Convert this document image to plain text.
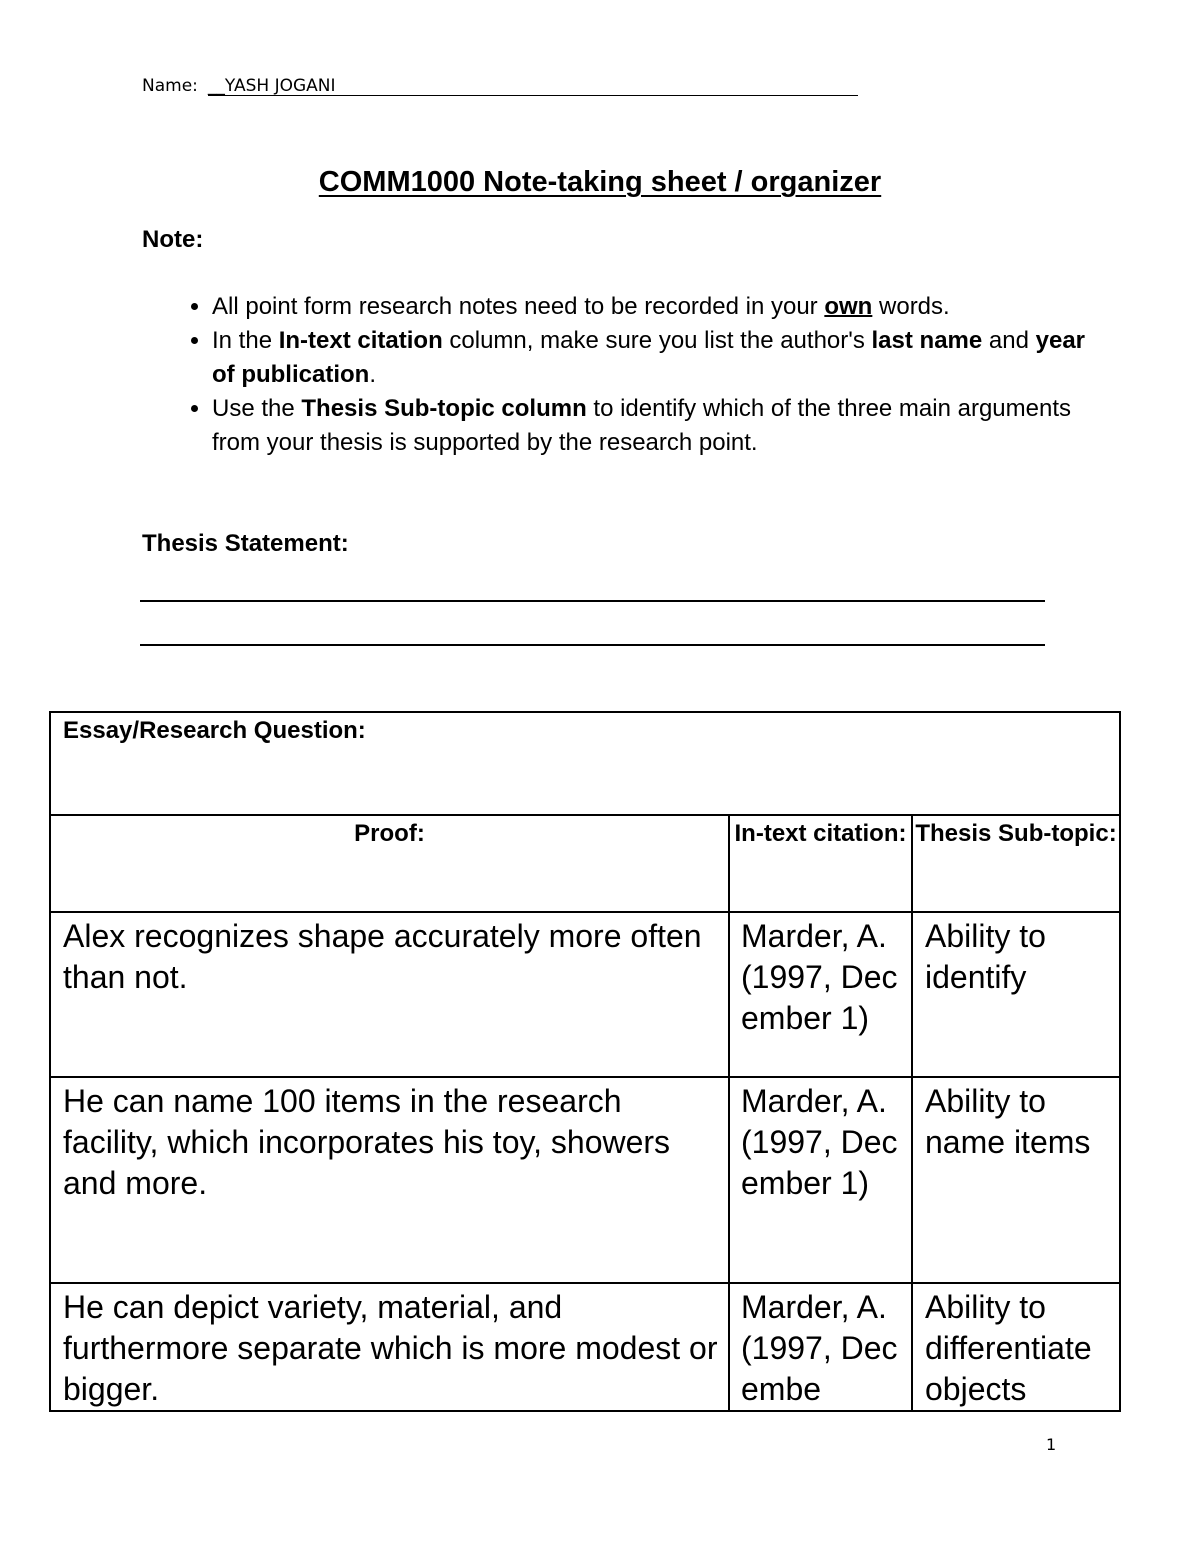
Name: __YASH JOGANI
COMM1000 Note-taking sheet / organizer
Note:
• All point form research notes need to be recorded in your own words.
• In the In-text citation column, make sure you list the author's last name and year of publication.
• Use the Thesis Sub-topic column to identify which of the three main arguments from your thesis is supported by the research point.
Thesis Statement:
Essay/Research Question:		
Proof:	In-text citation:	Thesis Sub-topic:
Alex recognizes shape accurately more often than not.	Marder, A. (1997, December 1)	Ability to identify
He can name 100 items in the research facility, which incorporates his toy, showers and more.	Marder, A. (1997, December 1)	Ability to name items
He can depict variety, material, and furthermore separate which is more modest or bigger.	Marder, A. (1997, Decembe	Ability to differentiate objects
1
